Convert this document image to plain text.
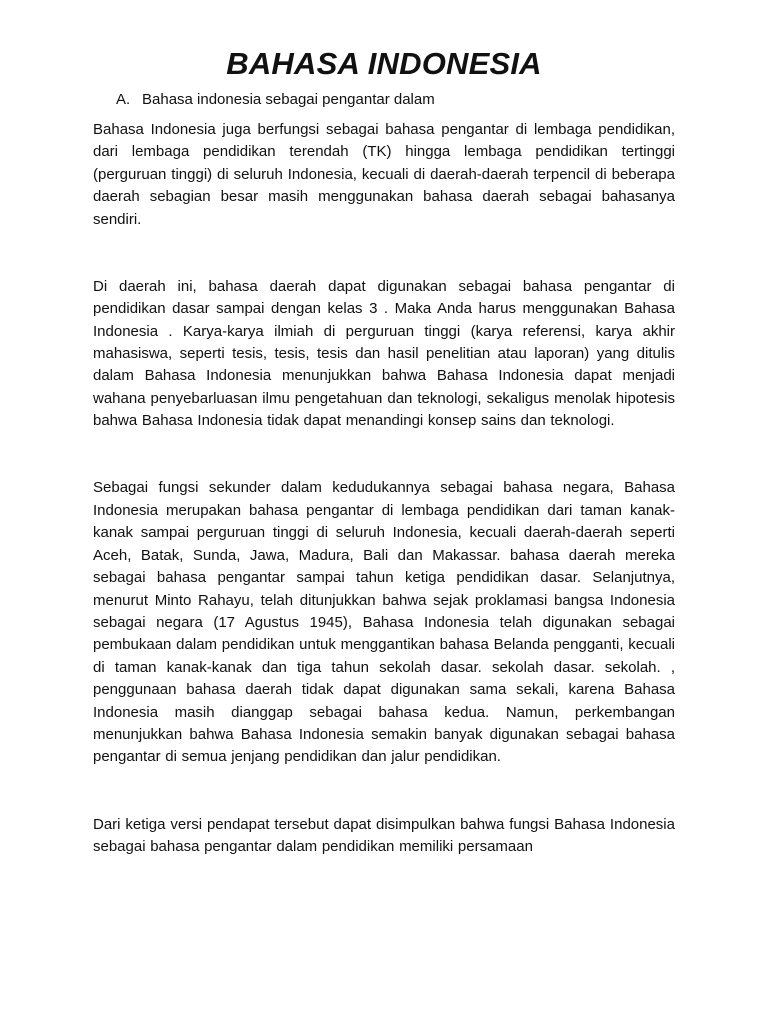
BAHASA INDONESIA

A. Bahasa indonesia sebagai pengantar dalam

Bahasa Indonesia juga berfungsi sebagai bahasa pengantar di lembaga pendidikan, dari lembaga pendidikan terendah (TK) hingga lembaga pendidikan tertinggi (perguruan tinggi) di seluruh Indonesia, kecuali di daerah-daerah terpencil di beberapa daerah sebagian besar masih menggunakan bahasa daerah sebagai bahasanya sendiri.

Di daerah ini, bahasa daerah dapat digunakan sebagai bahasa pengantar di pendidikan dasar sampai dengan kelas 3 . Maka Anda harus menggunakan Bahasa Indonesia . Karya-karya ilmiah di perguruan tinggi (karya referensi, karya akhir mahasiswa, seperti tesis, tesis, tesis dan hasil penelitian atau laporan) yang ditulis dalam Bahasa Indonesia menunjukkan bahwa Bahasa Indonesia dapat menjadi wahana penyebarluasan ilmu pengetahuan dan teknologi, sekaligus menolak hipotesis bahwa Bahasa Indonesia tidak dapat menandingi konsep sains dan teknologi.

Sebagai fungsi sekunder dalam kedudukannya sebagai bahasa negara, Bahasa Indonesia merupakan bahasa pengantar di lembaga pendidikan dari taman kanak-kanak sampai perguruan tinggi di seluruh Indonesia, kecuali daerah-daerah seperti Aceh, Batak, Sunda, Jawa, Madura, Bali dan Makassar. bahasa daerah mereka sebagai bahasa pengantar sampai tahun ketiga pendidikan dasar. Selanjutnya, menurut Minto Rahayu, telah ditunjukkan bahwa sejak proklamasi bangsa Indonesia sebagai negara (17 Agustus 1945), Bahasa Indonesia telah digunakan sebagai pembukaan dalam pendidikan untuk menggantikan bahasa Belanda pengganti, kecuali di taman kanak-kanak dan tiga tahun sekolah dasar. sekolah dasar. sekolah. , penggunaan bahasa daerah tidak dapat digunakan sama sekali, karena Bahasa Indonesia masih dianggap sebagai bahasa kedua. Namun, perkembangan menunjukkan bahwa Bahasa Indonesia semakin banyak digunakan sebagai bahasa pengantar di semua jenjang pendidikan dan jalur pendidikan.

Dari ketiga versi pendapat tersebut dapat disimpulkan bahwa fungsi Bahasa Indonesia sebagai bahasa pengantar dalam pendidikan memiliki persamaan
